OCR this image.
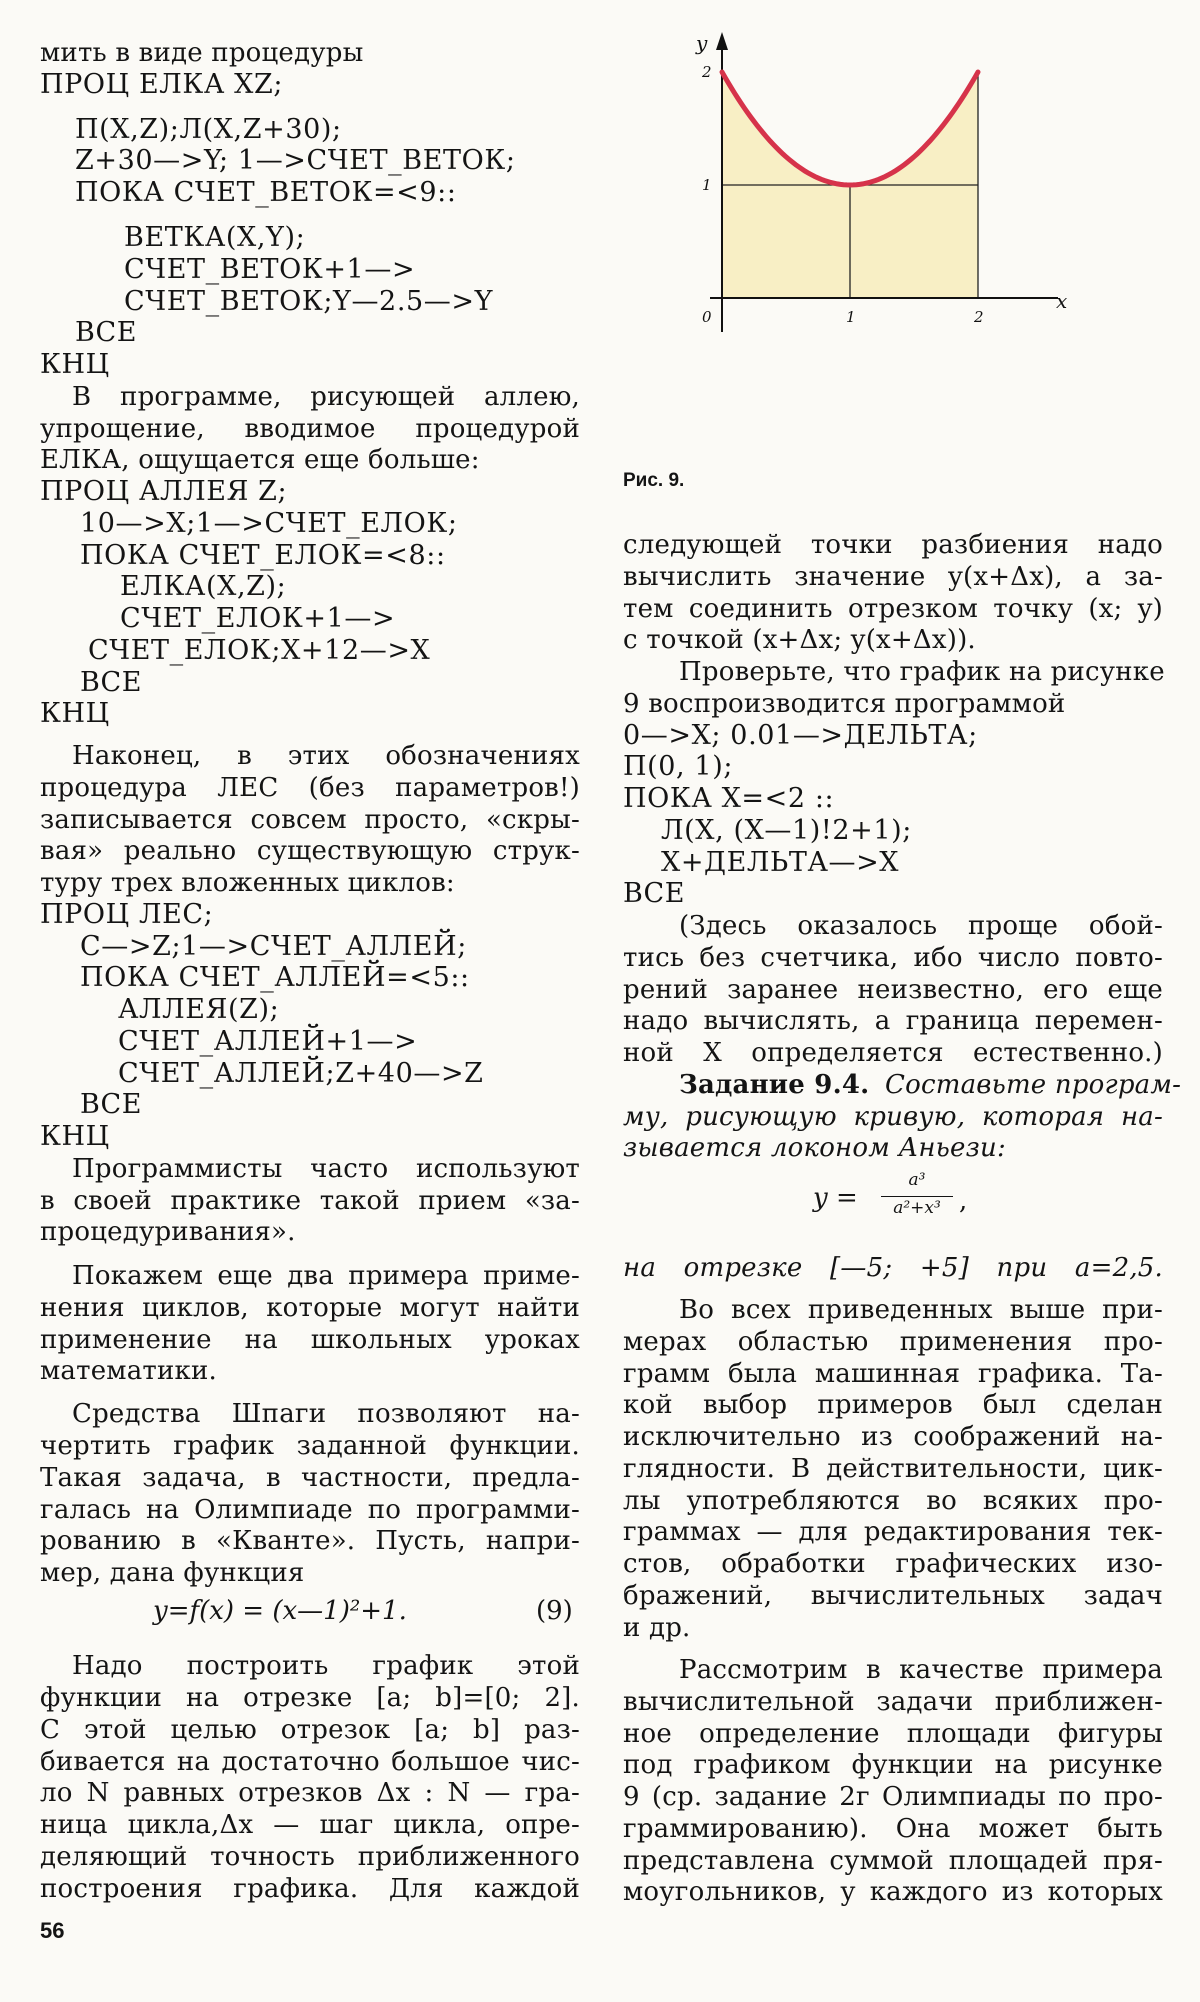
мить в виде процедуры
ПРОЦ ЕЛКА XZ;
П(X,Z);Л(X,Z+30);
Z+30—>Y; 1—>СЧЕТ_ВЕТОК;
ПОКА СЧЕТ_ВЕТОК=<9::
ВЕТКА(X,Y);
СЧЕТ_ВЕТОК+1—>
СЧЕТ_ВЕТОК;Y—2.5—>Y
ВСЕ
КНЦ
В программе, рисующей аллею,
упрощение, вводимое процедурой
ЕЛКА, ощущается еще больше:
ПРОЦ АЛЛЕЯ Z;
10—>X;1—>СЧЕТ_ЕЛОК;
ПОКА СЧЕТ_ЕЛОК=<8::
ЕЛКА(X,Z);
СЧЕТ_ЕЛОК+1—>
СЧЕТ_ЕЛОК;X+12—>X
ВСЕ
КНЦ
Наконец, в этих обозначениях
процедура ЛЕС (без параметров!)
записывается совсем просто, «скры-
вая» реально существующую струк-
туру трех вложенных циклов:
ПРОЦ ЛЕС;
C—>Z;1—>СЧЕТ_АЛЛЕЙ;
ПОКА СЧЕТ_АЛЛЕЙ=<5::
АЛЛЕЯ(Z);
СЧЕТ_АЛЛЕЙ+1—>
СЧЕТ_АЛЛЕЙ;Z+40—>Z
ВСЕ
КНЦ
Программисты часто используют
в своей практике такой прием «за-
процедуривания».
Покажем еще два примера приме-
нения циклов, которые могут найти
применение на школьных уроках
математики.
Средства Шпаги позволяют на-
чертить график заданной функции.
Такая задача, в частности, предла-
галась на Олимпиаде по программи-
рованию в «Кванте». Пусть, напри-
мер, дана функция
y=f(x) = (x—1)²+1.	(9)
Надо построить график этой
функции на отрезке [a; b]=[0; 2].
С этой целью отрезок [a; b] раз-
бивается на достаточно большое чис-
ло N равных отрезков Δx : N — гра-
ница цикла,Δx — шаг цикла, опре-
деляющий точность приближенного
построения графика. Для каждой
y
x
0	1	2
1
2
Рис. 9.
следующей точки разбиения надо
вычислить значение y(x+Δx), а за-
тем соединить отрезком точку (x; y)
с точкой (x+Δx; y(x+Δx)).
Проверьте, что график на рисунке
9 воспроизводится программой
0—>X; 0.01—>ДЕЛЬТА;
П(0, 1);
ПОКА X=<2 ::
Л(X, (X—1)!2+1);
X+ДЕЛЬТА—>X
ВСЕ
(Здесь оказалось проще обой-
тись без счетчика, ибо число повто-
рений заранее неизвестно, его еще
надо вычислять, а граница перемен-
ной X определяется естественно.)
Задание 9.4. Составьте програм-
му, рисующую кривую, которая на-
зывается локоном Аньези:
y =
a³
a²+x³ ,
на отрезке [—5; +5] при a=2,5.
Во всех приведенных выше при-
мерах областью применения про-
грамм была машинная графика. Та-
кой выбор примеров был сделан
исключительно из соображений на-
глядности. В действительности, цик-
лы употребляются во всяких про-
граммах — для редактирования тек-
стов, обработки графических изо-
бражений, вычислительных задач
и др.
Рассмотрим в качестве примера
вычислительной задачи приближен-
ное определение площади фигуры
под графиком функции на рисунке
9 (ср. задание 2г Олимпиады по про-
граммированию). Она может быть
представлена суммой площадей пря-
моугольников, у каждого из которых
56
